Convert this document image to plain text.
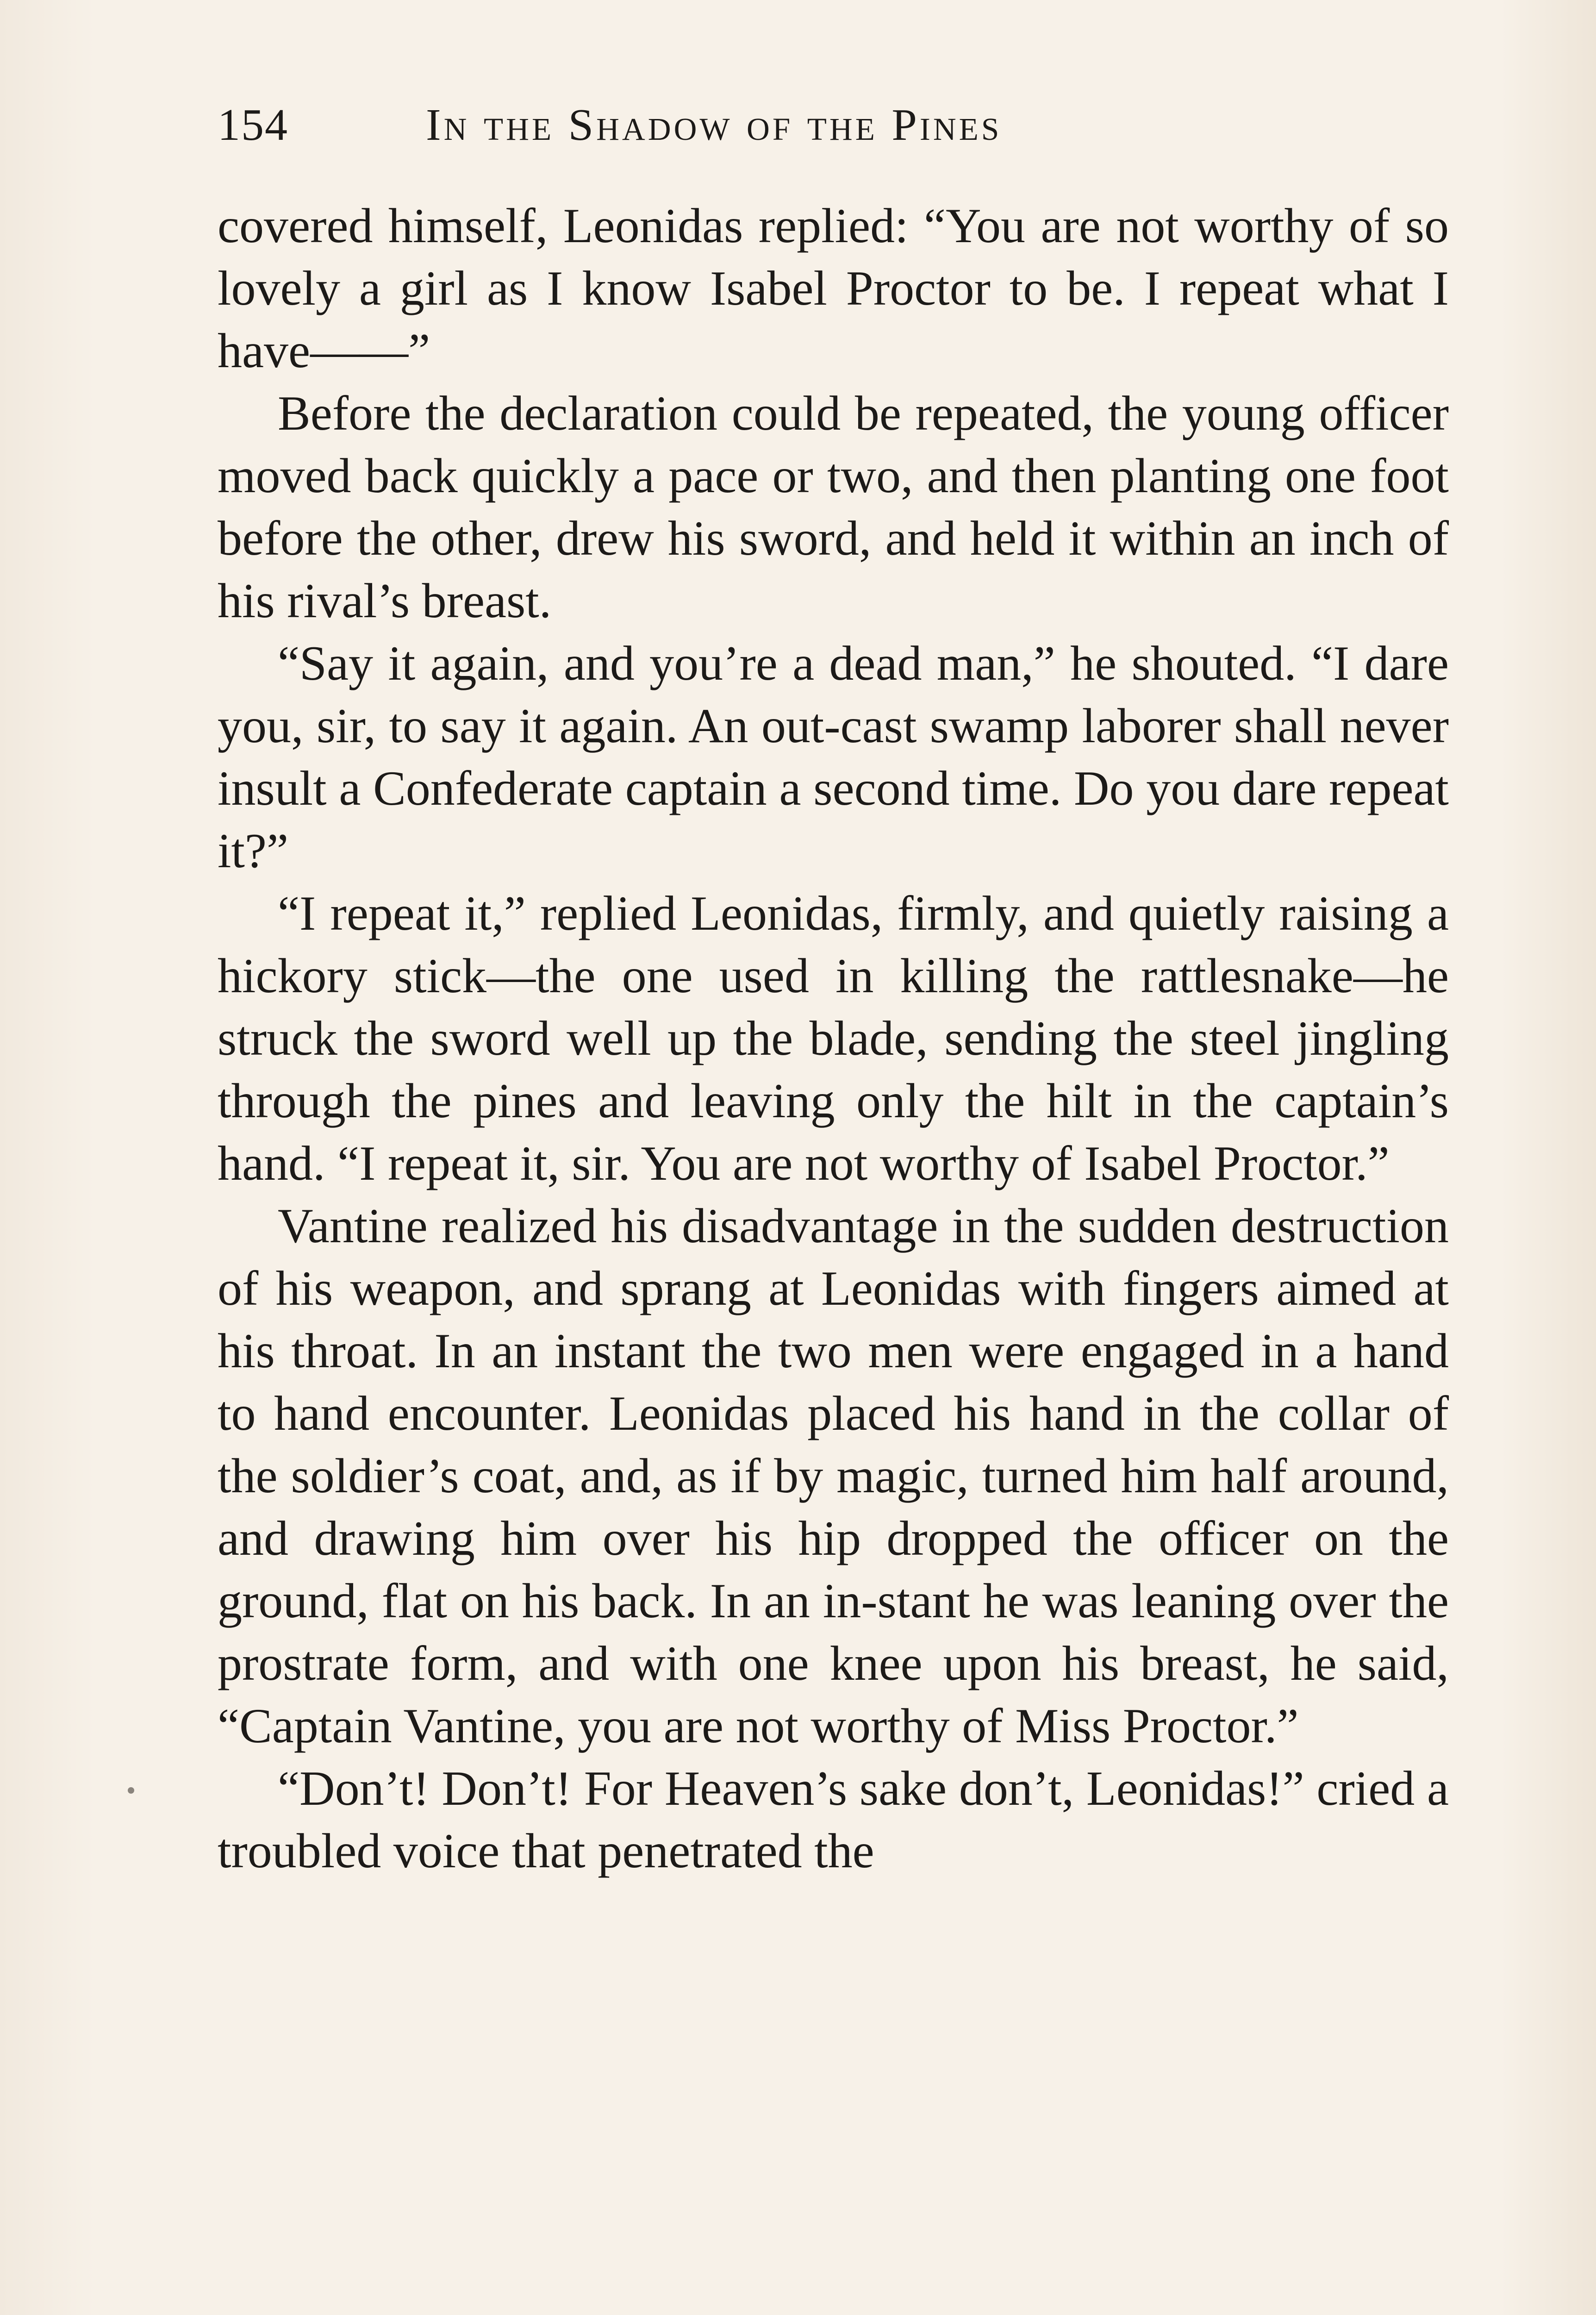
154	In the Shadow of the Pines

covered himself, Leonidas replied: “You are not worthy of so lovely a girl as I know Isabel Proctor to be. I repeat what I have——”

Before the declaration could be repeated, the young officer moved back quickly a pace or two, and then planting one foot before the other, drew his sword, and held it within an inch of his rival’s breast.

“Say it again, and you’re a dead man,” he shouted. “I dare you, sir, to say it again. An out-cast swamp laborer shall never insult a Confederate captain a second time. Do you dare repeat it?”

“I repeat it,” replied Leonidas, firmly, and quietly raising a hickory stick—the one used in killing the rattlesnake—he struck the sword well up the blade, sending the steel jingling through the pines and leaving only the hilt in the captain’s hand. “I repeat it, sir. You are not worthy of Isabel Proctor.”

Vantine realized his disadvantage in the sudden destruction of his weapon, and sprang at Leonidas with fingers aimed at his throat. In an instant the two men were engaged in a hand to hand encounter. Leonidas placed his hand in the collar of the soldier’s coat, and, as if by magic, turned him half around, and drawing him over his hip dropped the officer on the ground, flat on his back. In an in-stant he was leaning over the prostrate form, and with one knee upon his breast, he said, “Captain Vantine, you are not worthy of Miss Proctor.”

“Don’t! Don’t! For Heaven’s sake don’t, Leonidas!” cried a troubled voice that penetrated the
